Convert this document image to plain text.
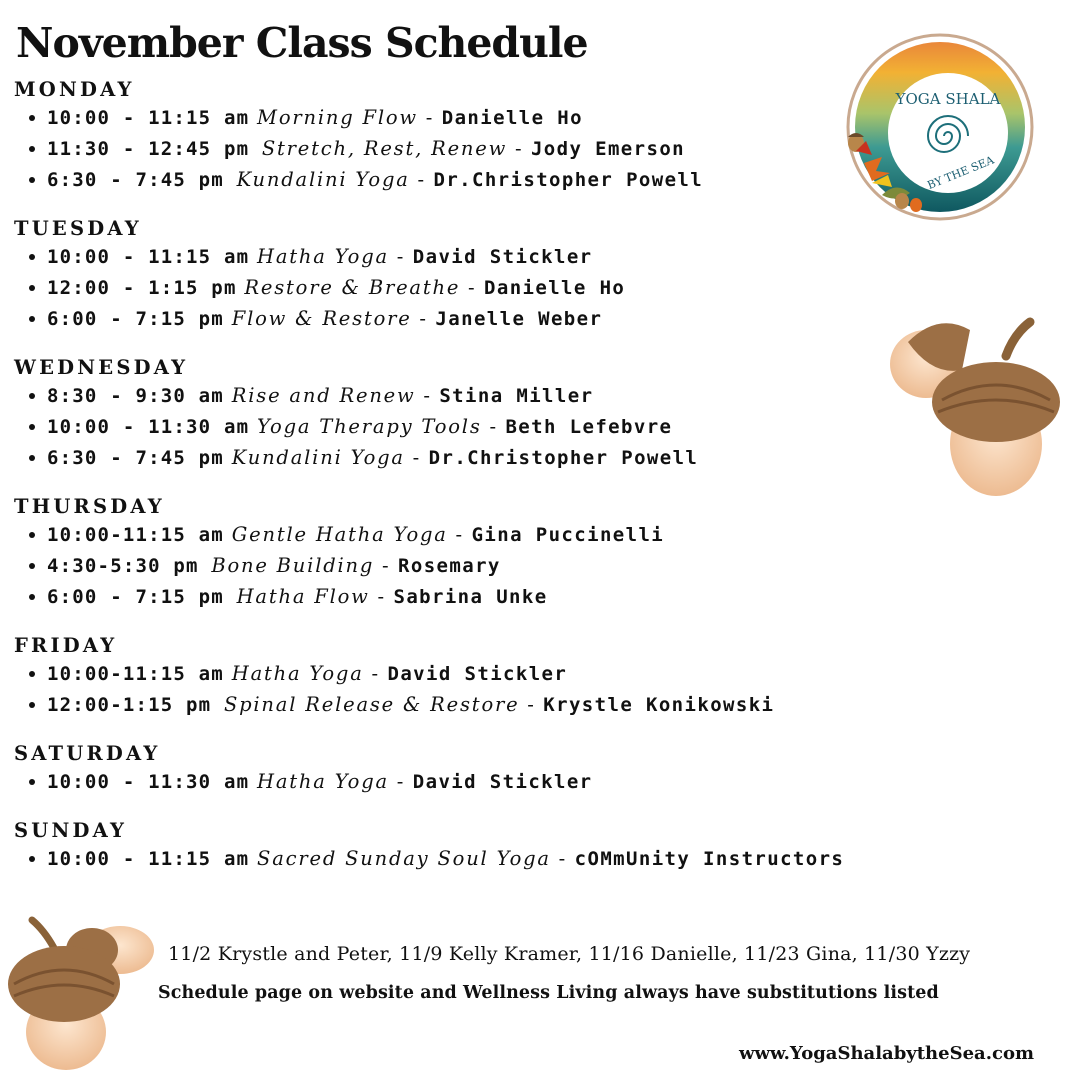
November Class Schedule
MONDAY
10:00 - 11:15 am Morning Flow - Danielle Ho
11:30 - 12:45 pm Stretch, Rest, Renew - Jody Emerson
6:30 - 7:45 pm Kundalini Yoga - Dr.Christopher Powell
TUESDAY
10:00 - 11:15 am Hatha Yoga - David Stickler
12:00 - 1:15 pm Restore & Breathe - Danielle Ho
6:00 - 7:15 pm Flow & Restore - Janelle Weber
WEDNESDAY
8:30 - 9:30 am Rise and Renew - Stina Miller
10:00 - 11:30 am Yoga Therapy Tools - Beth Lefebvre
6:30 - 7:45 pm Kundalini Yoga - Dr.Christopher Powell
THURSDAY
10:00-11:15 am Gentle Hatha Yoga - Gina Puccinelli
4:30-5:30 pm Bone Building - Rosemary
6:00 - 7:15 pm Hatha Flow - Sabrina Unke
FRIDAY
10:00-11:15 am Hatha Yoga - David Stickler
12:00-1:15 pm Spinal Release & Restore - Krystle Konikowski
SATURDAY
10:00 - 11:30 am Hatha Yoga - David Stickler
SUNDAY
10:00 - 11:15 am Sacred Sunday Soul Yoga - cOMmUnity Instructors
11/2 Krystle and Peter, 11/9 Kelly Kramer, 11/16 Danielle, 11/23 Gina, 11/30 Yzzy
Schedule page on website and Wellness Living always have substitutions listed
www.YogaShalabytheSea.com
YOGA SHALA
BY THE SEA
